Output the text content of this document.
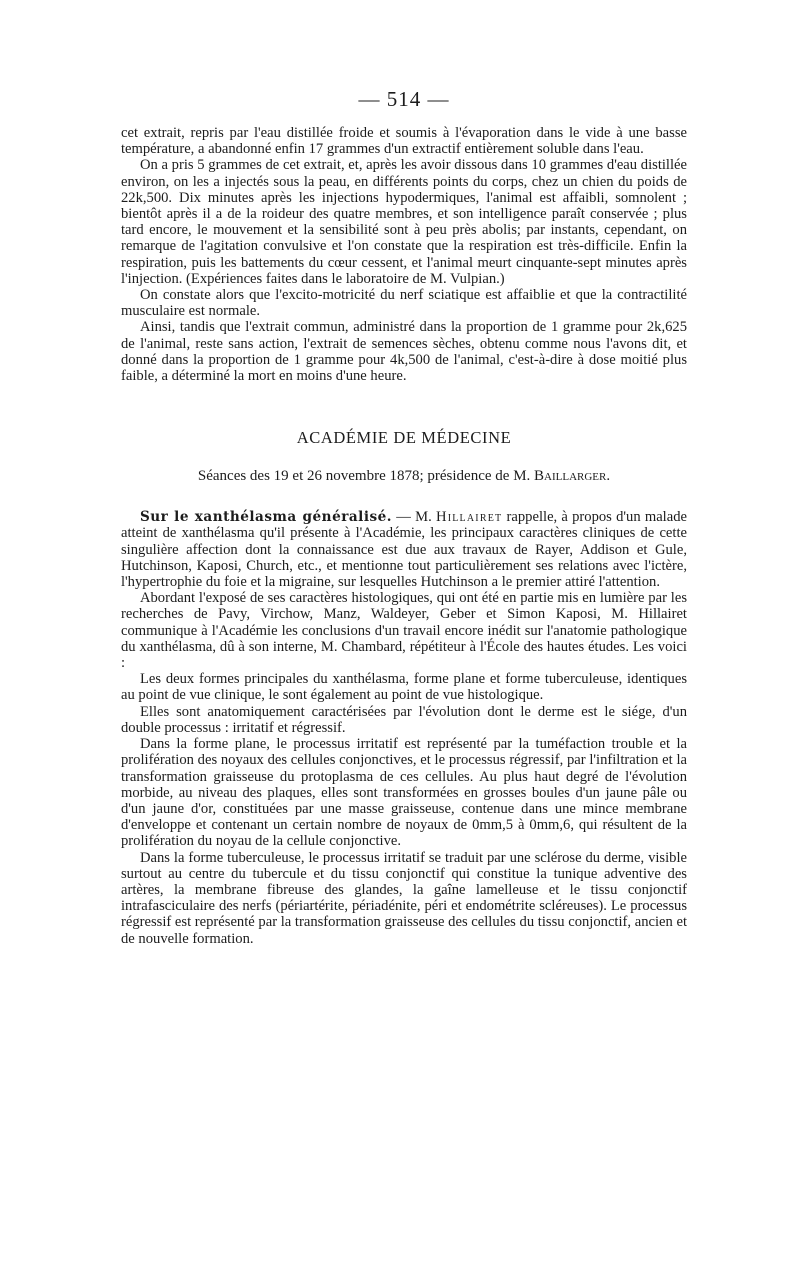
— 514 —

cet extrait, repris par l'eau distillée froide et soumis à l'évaporation dans le vide à une basse température, a abandonné enfin 17 grammes d'un extractif entièrement soluble dans l'eau.

On a pris 5 grammes de cet extrait, et, après les avoir dissous dans 10 grammes d'eau distillée environ, on les a injectés sous la peau, en différents points du corps, chez un chien du poids de 22k,500. Dix minutes après les injections hypodermiques, l'animal est affaibli, somnolent ; bientôt après il a de la roideur des quatre membres, et son intelligence paraît conservée ; plus tard encore, le mouvement et la sensibilité sont à peu près abolis; par instants, cependant, on remarque de l'agitation convulsive et l'on constate que la respiration est très-difficile. Enfin la respiration, puis les battements du cœur cessent, et l'animal meurt cinquante-sept minutes après l'injection. (Expériences faites dans le laboratoire de M. Vulpian.)

On constate alors que l'excito-motricité du nerf sciatique est affaiblie et que la contractilité musculaire est normale.

Ainsi, tandis que l'extrait commun, administré dans la proportion de 1 gramme pour 2k,625 de l'animal, reste sans action, l'extrait de semences sèches, obtenu comme nous l'avons dit, et donné dans la proportion de 1 gramme pour 4k,500 de l'animal, c'est-à-dire à dose moitié plus faible, a déterminé la mort en moins d'une heure.

ACADÉMIE DE MÉDECINE
Séances des 19 et 26 novembre 1878; présidence de M. Baillarger.

Sur le xanthélasma généralisé. — M. Hillairet rappelle, à propos d'un malade atteint de xanthélasma qu'il présente à l'Académie, les principaux caractères cliniques de cette singulière affection dont la connaissance est due aux travaux de Rayer, Addison et Gule, Hutchinson, Kaposi, Church, etc., et mentionne tout particulièrement ses relations avec l'ictère, l'hypertrophie du foie et la migraine, sur lesquelles Hutchinson a le premier attiré l'attention.

Abordant l'exposé de ses caractères histologiques, qui ont été en partie mis en lumière par les recherches de Pavy, Virchow, Manz, Waldeyer, Geber et Simon Kaposi, M. Hillairet communique à l'Académie les conclusions d'un travail encore inédit sur l'anatomie pathologique du xanthélasma, dû à son interne, M. Chambard, répétiteur à l'École des hautes études. Les voici :

Les deux formes principales du xanthélasma, forme plane et forme tuberculeuse, identiques au point de vue clinique, le sont également au point de vue histologique.

Elles sont anatomiquement caractérisées par l'évolution dont le derme est le siége, d'un double processus : irritatif et régressif.

Dans la forme plane, le processus irritatif est représenté par la tuméfaction trouble et la prolifération des noyaux des cellules conjonctives, et le processus régressif, par l'infiltration et la transformation graisseuse du protoplasma de ces cellules. Au plus haut degré de l'évolution morbide, au niveau des plaques, elles sont transformées en grosses boules d'un jaune pâle ou d'un jaune d'or, constituées par une masse graisseuse, contenue dans une mince membrane d'enveloppe et contenant un certain nombre de noyaux de 0mm,5 à 0mm,6, qui résultent de la prolifération du noyau de la cellule conjonctive.

Dans la forme tuberculeuse, le processus irritatif se traduit par une sclérose du derme, visible surtout au centre du tubercule et du tissu conjonctif qui constitue la tunique adventive des artères, la membrane fibreuse des glandes, la gaîne lamelleuse et le tissu conjonctif intrafasciculaire des nerfs (périartérite, périadénite, péri et endométrite scléreuses). Le processus régressif est représenté par la transformation graisseuse des cellules du tissu conjonctif, ancien et de nouvelle formation.
